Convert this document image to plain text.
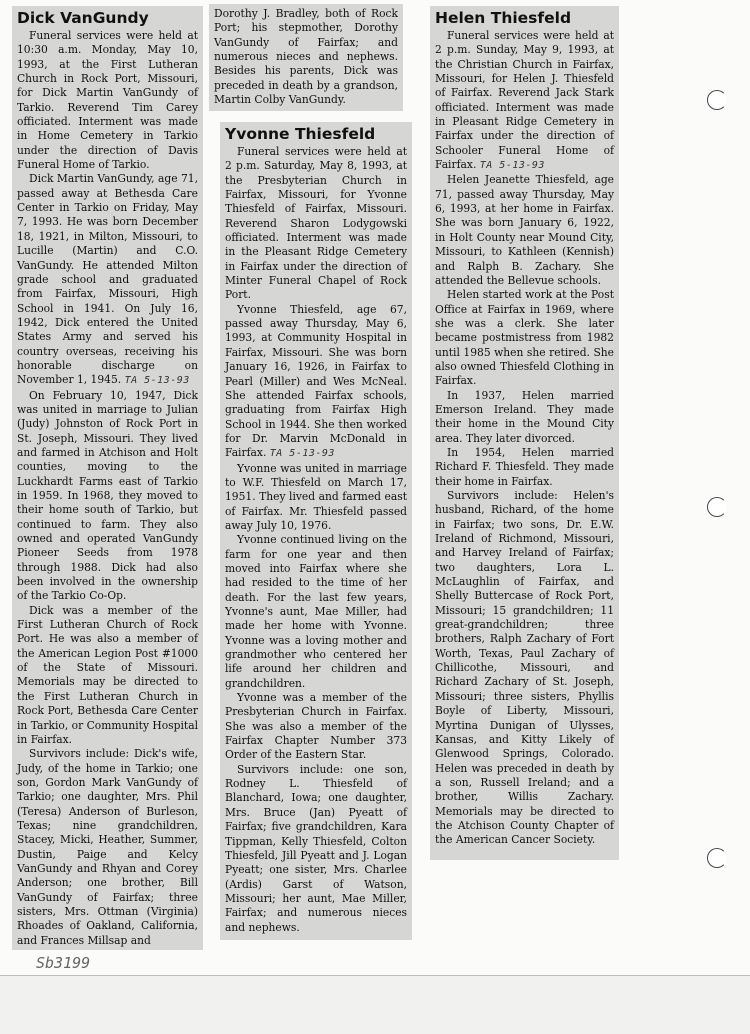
Dick VanGundy

Funeral services were held at 10:30 a.m. Monday, May 10, 1993, at the First Lutheran Church in Rock Port, Missouri, for Dick Martin VanGundy of Tarkio. Reverend Tim Carey officiated. Interment was made in Home Cemetery in Tarkio under the direction of Davis Funeral Home of Tarkio.

Dick Martin VanGundy, age 71, passed away at Bethesda Care Center in Tarkio on Friday, May 7, 1993. He was born December 18, 1921, in Milton, Missouri, to Lucille (Martin) and C.O. VanGundy. He attended Milton grade school and graduated from Fairfax, Missouri, High School in 1941. On July 16, 1942, Dick entered the United States Army and served his country overseas, receiving his honorable discharge on November 1, 1945. TA 5-13-93

On February 10, 1947, Dick was united in marriage to Julian (Judy) Johnston of Rock Port in St. Joseph, Missouri. They lived and farmed in Atchison and Holt counties, moving to the Luckhardt Farms east of Tarkio in 1959. In 1968, they moved to their home south of Tarkio, but continued to farm. They also owned and operated VanGundy Pioneer Seeds from 1978 through 1988. Dick had also been involved in the ownership of the Tarkio Co-Op.

Dick was a member of the First Lutheran Church of Rock Port. He was also a member of the American Legion Post #1000 of the State of Missouri. Memorials may be directed to the First Lutheran Church in Rock Port, Bethesda Care Center in Tarkio, or Community Hospital in Fairfax.

Survivors include: Dick's wife, Judy, of the home in Tarkio; one son, Gordon Mark VanGundy of Tarkio; one daughter, Mrs. Phil (Teresa) Anderson of Burleson, Texas; nine grandchildren, Stacey, Micki, Heather, Summer, Dustin, Paige and Kelcy VanGundy and Rhyan and Corey Anderson; one brother, Bill VanGundy of Fairfax; three sisters, Mrs. Ottman (Virginia) Rhoades of Oakland, California, and Frances Millsap and

Dorothy J. Bradley, both of Rock Port; his stepmother, Dorothy VanGundy of Fairfax; and numerous nieces and nephews. Besides his parents, Dick was preceded in death by a grandson, Martin Colby VanGundy.

Yvonne Thiesfeld

Funeral services were held at 2 p.m. Saturday, May 8, 1993, at the Presbyterian Church in Fairfax, Missouri, for Yvonne Thiesfeld of Fairfax, Missouri. Reverend Sharon Lodygowski officiated. Interment was made in the Pleasant Ridge Cemetery in Fairfax under the direction of Minter Funeral Chapel of Rock Port.

Yvonne Thiesfeld, age 67, passed away Thursday, May 6, 1993, at Community Hospital in Fairfax, Missouri. She was born January 16, 1926, in Fairfax to Pearl (Miller) and Wes McNeal. She attended Fairfax schools, graduating from Fairfax High School in 1944. She then worked for Dr. Marvin McDonald in Fairfax. TA 5-13-93

Yvonne was united in marriage to W.F. Thiesfeld on March 17, 1951. They lived and farmed east of Fairfax. Mr. Thiesfeld passed away July 10, 1976.

Yvonne continued living on the farm for one year and then moved into Fairfax where she had resided to the time of her death. For the last few years, Yvonne's aunt, Mae Miller, had made her home with Yvonne. Yvonne was a loving mother and grandmother who centered her life around her children and grandchildren.

Yvonne was a member of the Presbyterian Church in Fairfax. She was also a member of the Fairfax Chapter Number 373 Order of the Eastern Star.

Survivors include: one son, Rodney L. Thiesfeld of Blanchard, Iowa; one daughter, Mrs. Bruce (Jan) Pyeatt of Fairfax; five grandchildren, Kara Tippman, Kelly Thiesfeld, Colton Thiesfeld, Jill Pyeatt and J. Logan Pyeatt; one sister, Mrs. Charlee (Ardis) Garst of Watson, Missouri; her aunt, Mae Miller, Fairfax; and numerous nieces and nephews.

Helen Thiesfeld

Funeral services were held at 2 p.m. Sunday, May 9, 1993, at the Christian Church in Fairfax, Missouri, for Helen J. Thiesfeld of Fairfax. Reverend Jack Stark officiated. Interment was made in Pleasant Ridge Cemetery in Fairfax under the direction of Schooler Funeral Home of Fairfax. TA 5-13-93

Helen Jeanette Thiesfeld, age 71, passed away Thursday, May 6, 1993, at her home in Fairfax. She was born January 6, 1922, in Holt County near Mound City, Missouri, to Kathleen (Kennish) and Ralph B. Zachary. She attended the Bellevue schools.

Helen started work at the Post Office at Fairfax in 1969, where she was a clerk. She later became postmistress from 1982 until 1985 when she retired. She also owned Thiesfeld Clothing in Fairfax.

In 1937, Helen married Emerson Ireland. They made their home in the Mound City area. They later divorced.

In 1954, Helen married Richard F. Thiesfeld. They made their home in Fairfax.

Survivors include: Helen's husband, Richard, of the home in Fairfax; two sons, Dr. E.W. Ireland of Richmond, Missouri, and Harvey Ireland of Fairfax; two daughters, Lora L. McLaughlin of Fairfax, and Shelly Buttercase of Rock Port, Missouri; 15 grandchildren; 11 great-grandchildren; three brothers, Ralph Zachary of Fort Worth, Texas, Paul Zachary of Chillicothe, Missouri, and Richard Zachary of St. Joseph, Missouri; three sisters, Phyllis Boyle of Liberty, Missouri, Myrtina Dunigan of Ulysses, Kansas, and Kitty Likely of Glenwood Springs, Colorado. Helen was preceded in death by a son, Russell Ireland; and a brother, Willis Zachary. Memorials may be directed to the Atchison County Chapter of the American Cancer Society.

Sb3199
